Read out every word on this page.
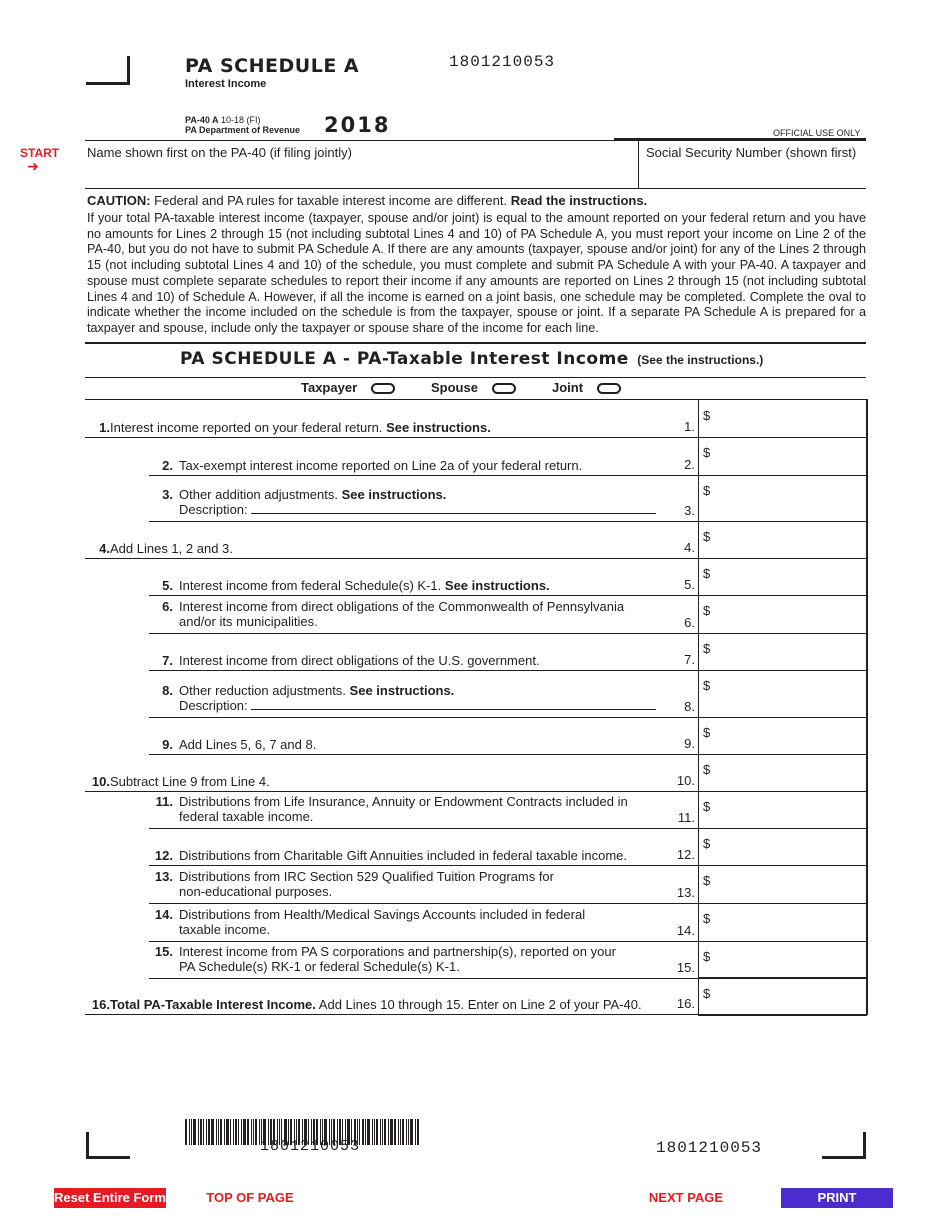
PA SCHEDULE A
Interest Income
1801210053
PA-40 A 10-18 (FI)
PA Department of Revenue 2018	OFFICIAL USE ONLY
START
➜
Name shown first on the PA-40 (if filing jointly)	Social Security Number (shown first)
CAUTION: Federal and PA rules for taxable interest income are different. Read the instructions.
If your total PA-taxable interest income (taxpayer, spouse and/or joint) is equal to the amount reported on your federal return and you have no amounts for Lines 2 through 15 (not including subtotal Lines 4 and 10) of PA Schedule A, you must report your income on Line 2 of the PA-40, but you do not have to submit PA Schedule A. If there are any amounts (taxpayer, spouse and/or joint) for any of the Lines 2 through 15 (not including subtotal Lines 4 and 10) of the schedule, you must complete and submit PA Schedule A with your PA-40. A taxpayer and spouse must complete separate schedules to report their income if any amounts are reported on Lines 2 through 15 (not including subtotal Lines 4 and 10) of Schedule A. However, if all the income is earned on a joint basis, one schedule may be completed. Complete the oval to indicate whether the income included on the schedule is from the taxpayer, spouse or joint. If a separate PA Schedule A is prepared for a taxpayer and spouse, include only the taxpayer or spouse share of the income for each line.
PA SCHEDULE A - PA-Taxable Interest Income (See the instructions.)
Taxpayer	Spouse	Joint
1. Interest income reported on your federal return. See instructions.	1.
$
2. Tax-exempt interest income reported on Line 2a of your federal return.	2.
$
3. Other addition adjustments. See instructions.
Description:	3.
$
4. Add Lines 1, 2 and 3.	4.
$
5. Interest income from federal Schedule(s) K-1. See instructions.	5.
$
6. Interest income from direct obligations of the Commonwealth of Pennsylvania
and/or its municipalities.	6.
$
7. Interest income from direct obligations of the U.S. government.	7.
$
8. Other reduction adjustments. See instructions.
Description:	8.
$
9. Add Lines 5, 6, 7 and 8.	9.
$
10. Subtract Line 9 from Line 4.	10.
$
11. Distributions from Life Insurance, Annuity or Endowment Contracts included in
federal taxable income.	11.
$
12. Distributions from Charitable Gift Annuities included in federal taxable income.	12.
$
13. Distributions from IRC Section 529 Qualified Tuition Programs for
non-educational purposes.	13.
$
14. Distributions from Health/Medical Savings Accounts included in federal
taxable income.	14.
$
15. Interest income from PA S corporations and partnership(s), reported on your
PA Schedule(s) RK-1 or federal Schedule(s) K-1.	15.
$
16. Total PA-Taxable Interest Income. Add Lines 10 through 15. Enter on Line 2 of your PA-40.	16.
$
1801210053	1801210053
Reset Entire Form	TOP OF PAGE	NEXT PAGE	PRINT
